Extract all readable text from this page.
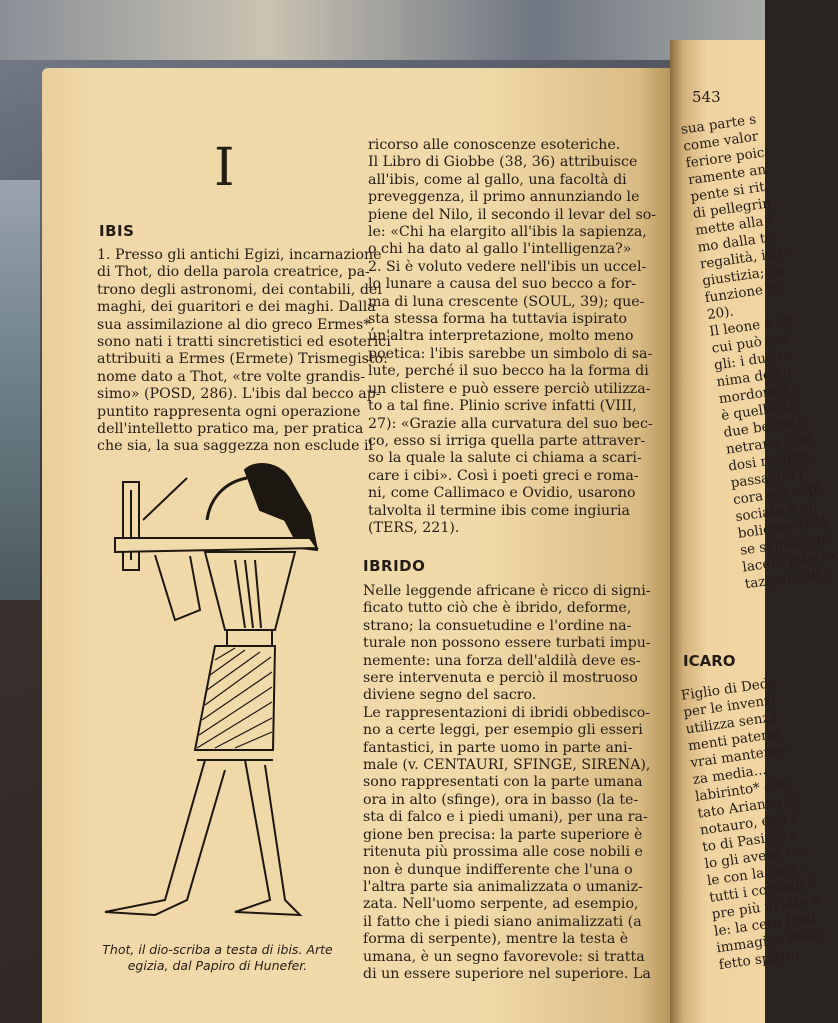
I
IBIS
1. Presso gli antichi Egizi, incarnazione
di Thot, dio della parola creatrice, pa-
trono degli astronomi, dei contabili, dei
maghi, dei guaritori e dei maghi. Dalla
sua assimilazione al dio greco Ermes*,
sono nati i tratti sincretistici ed esoterici
attribuiti a Ermes (Ermete) Trismegisto:
nome dato a Thot, «tre volte grandis-
simo» (POSD, 286). L'ibis dal becco ap-
puntito rappresenta ogni operazione
dell'intelletto pratico ma, per pratica
che sia, la sua saggezza non esclude il
ricorso alle conoscenze esoteriche.
Il Libro di Giobbe (38, 36) attribuisce
all'ibis, come al gallo, una facoltà di
preveggenza, il primo annunziando le
piene del Nilo, il secondo il levar del so-
le: «Chi ha elargito all'ibis la sapienza,
o chi ha dato al gallo l'intelligenza?»
2. Si è voluto vedere nell'ibis un uccel-
lo lunare a causa del suo becco a for-
ma di luna crescente (SOUL, 39); que-
sta stessa forma ha tuttavia ispirato
un'altra interpretazione, molto meno
poetica: l'ibis sarebbe un simbolo di sa-
lute, perché il suo becco ha la forma di
un clistere e può essere perciò utilizza-
to a tal fine. Plinio scrive infatti (VIII,
27): «Grazie alla curvatura del suo bec-
co, esso si irriga quella parte attraver-
so la quale la salute ci chiama a scari-
care i cibi». Così i poeti greci e roma-
ni, come Callimaco e Ovidio, usarono
talvolta il termine ibis come ingiuria
(TERS, 221).
IBRIDO
Nelle leggende africane è ricco di signi-
ficato tutto ciò che è ibrido, deforme,
strano; la consuetudine e l'ordine na-
turale non possono essere turbati impu-
nemente: una forza dell'aldilà deve es-
sere intervenuta e perciò il mostruoso
diviene segno del sacro.
Le rappresentazioni di ibridi obbedisco-
no a certe leggi, per esempio gli esseri
fantastici, in parte uomo in parte ani-
male (v. CENTAURI, SFINGE, SIRENA),
sono rappresentati con la parte umana
ora in alto (sfinge), ora in basso (la te-
sta di falco e i piedi umani), per una ra-
gione ben precisa: la parte superiore è
ritenuta più prossima alle cose nobili e
non è dunque indifferente che l'una o
l'altra parte sia animalizzata o umaniz-
zata. Nell'uomo serpente, ad esempio,
il fatto che i piedi siano animalizzati (a
forma di serpente), mentre la testa è
umana, è un segno favorevole: si tratta
di un essere superiore nel superiore. La
Thot, il dio-scriba a testa di ibis. Arte egizia, dal Papiro di Hunefer.
543
sua parte s
come valor
feriore poic
ramente an
pente si rit
di pellegrin
mette alla f
mo dalla te
regalità, in c
giustizia; l'u
funzione in
20).
Il leone è sp
cui può ave
gli: i due ra
nima dell'u
mordono l'u
è quella del
due bestie c
netrano, che
dosi recipro
passando l'
cora più espl
sociato a qu
boliche» (CH
se significanc
lacera interio
tazioni e le a
ICARO
Figlio di Deda
per le invenzi
utilizza senza
menti paterni
vrai mantener
za media...
labirinto* con
tato Arianna e
notauro, egli r
to di Pasifae e
lo gli aveva co
le con la cera.
tutti i consigli d
pre più in alto e
le: la cera fond
immagine dello
fetto spirito
